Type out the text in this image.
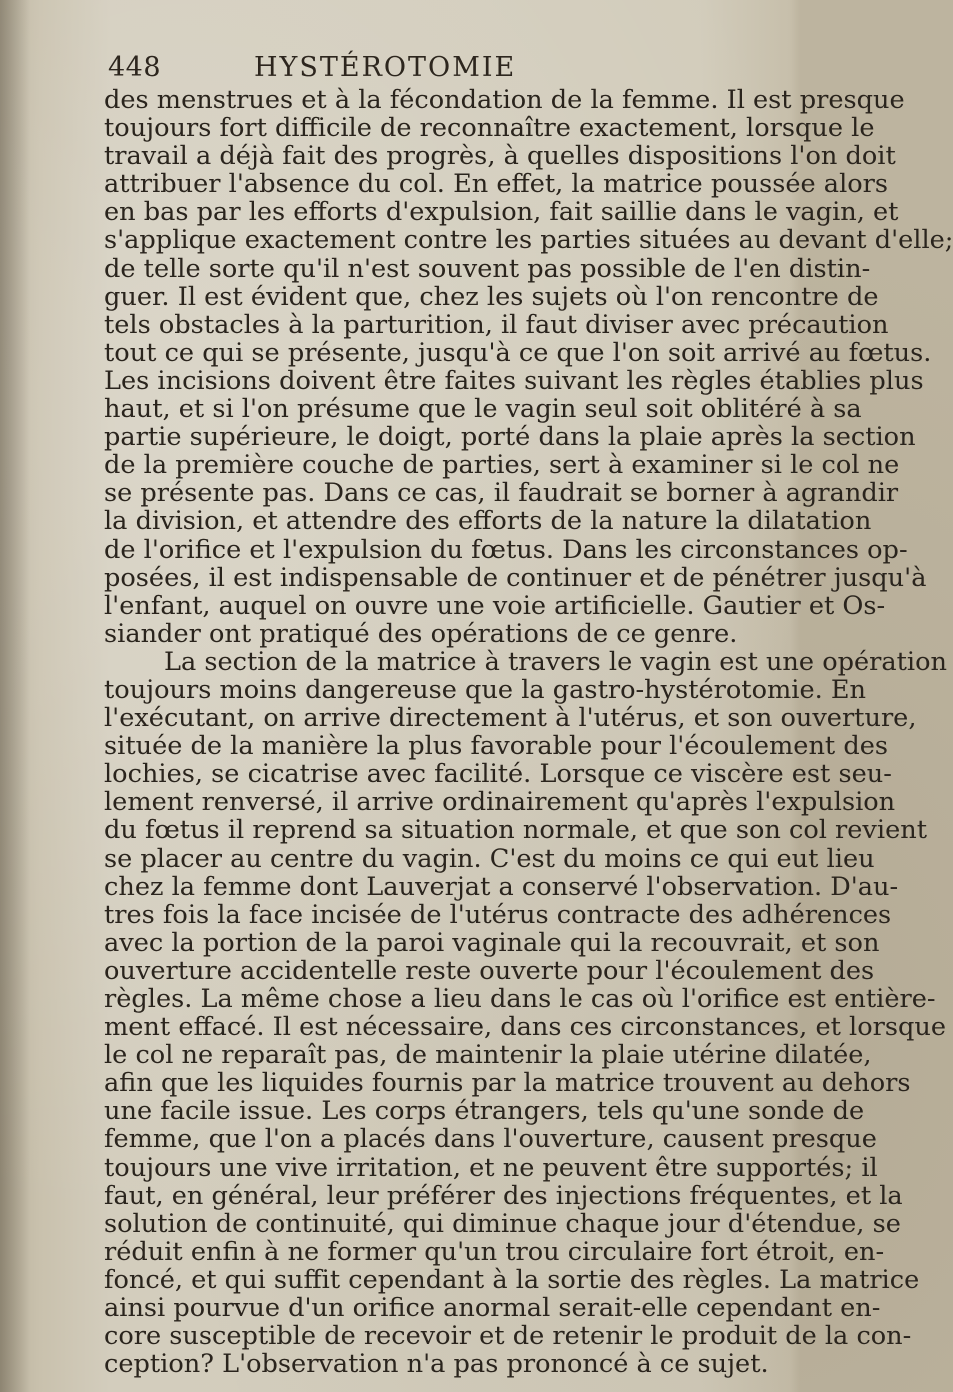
448	HYSTÉROTOMIE
des menstrues et à la fécondation de la femme. Il est presque
toujours fort difficile de reconnaître exactement, lorsque le
travail a déjà fait des progrès, à quelles dispositions l'on doit
attribuer l'absence du col. En effet, la matrice poussée alors
en bas par les efforts d'expulsion, fait saillie dans le vagin, et
s'applique exactement contre les parties situées au devant d'elle;
de telle sorte qu'il n'est souvent pas possible de l'en distin-
guer. Il est évident que, chez les sujets où l'on rencontre de
tels obstacles à la parturition, il faut diviser avec précaution
tout ce qui se présente, jusqu'à ce que l'on soit arrivé au fœtus.
Les incisions doivent être faites suivant les règles établies plus
haut, et si l'on présume que le vagin seul soit oblitéré à sa
partie supérieure, le doigt, porté dans la plaie après la section
de la première couche de parties, sert à examiner si le col ne
se présente pas. Dans ce cas, il faudrait se borner à agrandir
la division, et attendre des efforts de la nature la dilatation
de l'orifice et l'expulsion du fœtus. Dans les circonstances op-
posées, il est indispensable de continuer et de pénétrer jusqu'à
l'enfant, auquel on ouvre une voie artificielle. Gautier et Os-
siander ont pratiqué des opérations de ce genre.
La section de la matrice à travers le vagin est une opération
toujours moins dangereuse que la gastro-hystérotomie. En
l'exécutant, on arrive directement à l'utérus, et son ouverture,
située de la manière la plus favorable pour l'écoulement des
lochies, se cicatrise avec facilité. Lorsque ce viscère est seu-
lement renversé, il arrive ordinairement qu'après l'expulsion
du fœtus il reprend sa situation normale, et que son col revient
se placer au centre du vagin. C'est du moins ce qui eut lieu
chez la femme dont Lauverjat a conservé l'observation. D'au-
tres fois la face incisée de l'utérus contracte des adhérences
avec la portion de la paroi vaginale qui la recouvrait, et son
ouverture accidentelle reste ouverte pour l'écoulement des
règles. La même chose a lieu dans le cas où l'orifice est entière-
ment effacé. Il est nécessaire, dans ces circonstances, et lorsque
le col ne reparaît pas, de maintenir la plaie utérine dilatée,
afin que les liquides fournis par la matrice trouvent au dehors
une facile issue. Les corps étrangers, tels qu'une sonde de
femme, que l'on a placés dans l'ouverture, causent presque
toujours une vive irritation, et ne peuvent être supportés; il
faut, en général, leur préférer des injections fréquentes, et la
solution de continuité, qui diminue chaque jour d'étendue, se
réduit enfin à ne former qu'un trou circulaire fort étroit, en-
foncé, et qui suffit cependant à la sortie des règles. La matrice
ainsi pourvue d'un orifice anormal serait-elle cependant en-
core susceptible de recevoir et de retenir le produit de la con-
ception? L'observation n'a pas prononcé à ce sujet.
